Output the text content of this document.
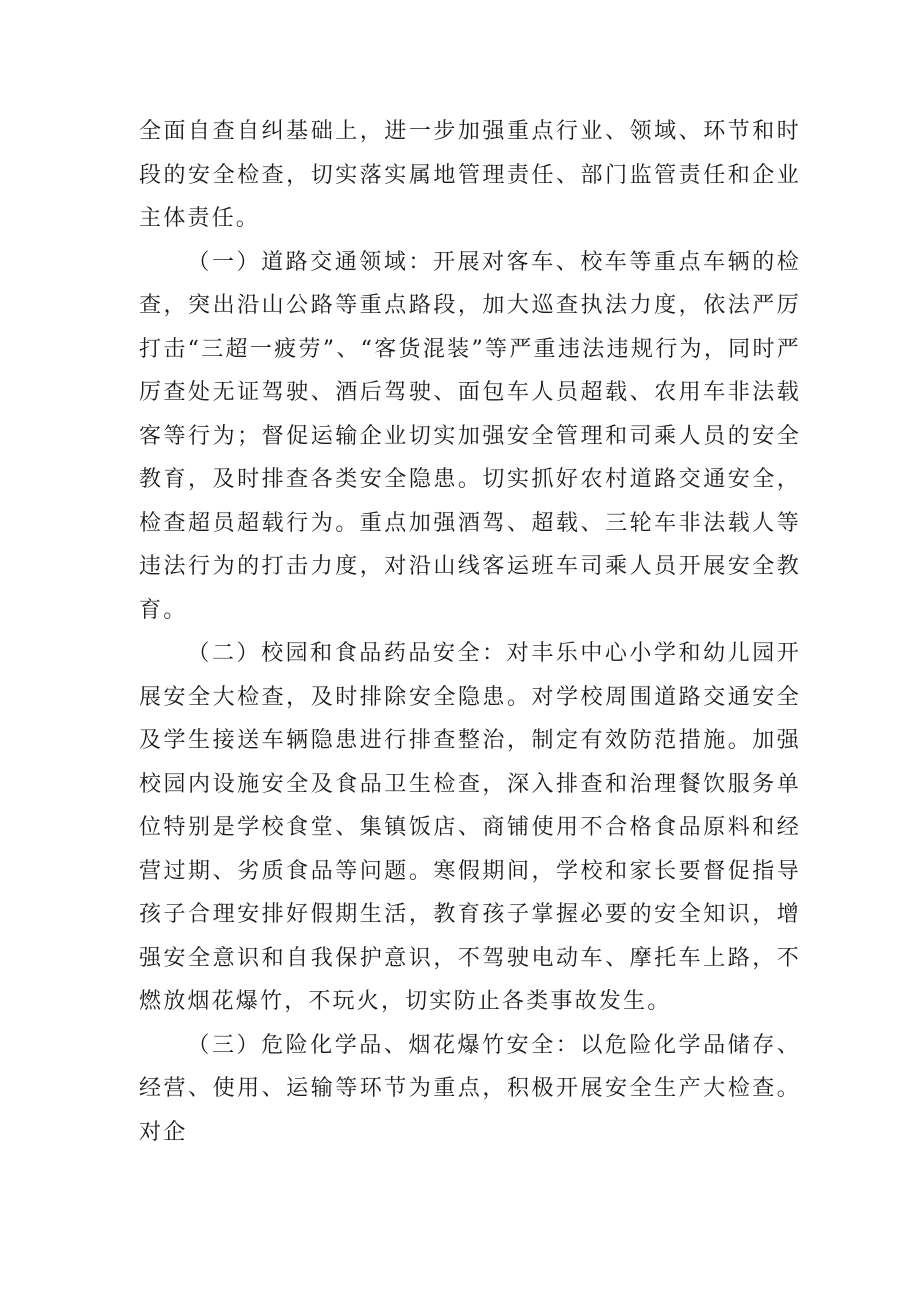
全面自查自纠基础上，进一步加强重点行业、领域、环节和时段的安全检查，切实落实属地管理责任、部门监管责任和企业主体责任。

（一）道路交通领域：开展对客车、校车等重点车辆的检查，突出沿山公路等重点路段，加大巡查执法力度，依法严厉打击“三超一疲劳”、“客货混装”等严重违法违规行为，同时严厉查处无证驾驶、酒后驾驶、面包车人员超载、农用车非法载客等行为；督促运输企业切实加强安全管理和司乘人员的安全教育，及时排查各类安全隐患。切实抓好农村道路交通安全，检查超员超载行为。重点加强酒驾、超载、三轮车非法载人等违法行为的打击力度，对沿山线客运班车司乘人员开展安全教育。

（二）校园和食品药品安全：对丰乐中心小学和幼儿园开展安全大检查，及时排除安全隐患。对学校周围道路交通安全及学生接送车辆隐患进行排查整治，制定有效防范措施。加强校园内设施安全及食品卫生检查，深入排查和治理餐饮服务单位特别是学校食堂、集镇饭店、商铺使用不合格食品原料和经营过期、劣质食品等问题。寒假期间，学校和家长要督促指导孩子合理安排好假期生活，教育孩子掌握必要的安全知识，增强安全意识和自我保护意识，不驾驶电动车、摩托车上路，不燃放烟花爆竹，不玩火，切实防止各类事故发生。

（三）危险化学品、烟花爆竹安全：以危险化学品储存、经营、使用、运输等环节为重点，积极开展安全生产大检查。对企
